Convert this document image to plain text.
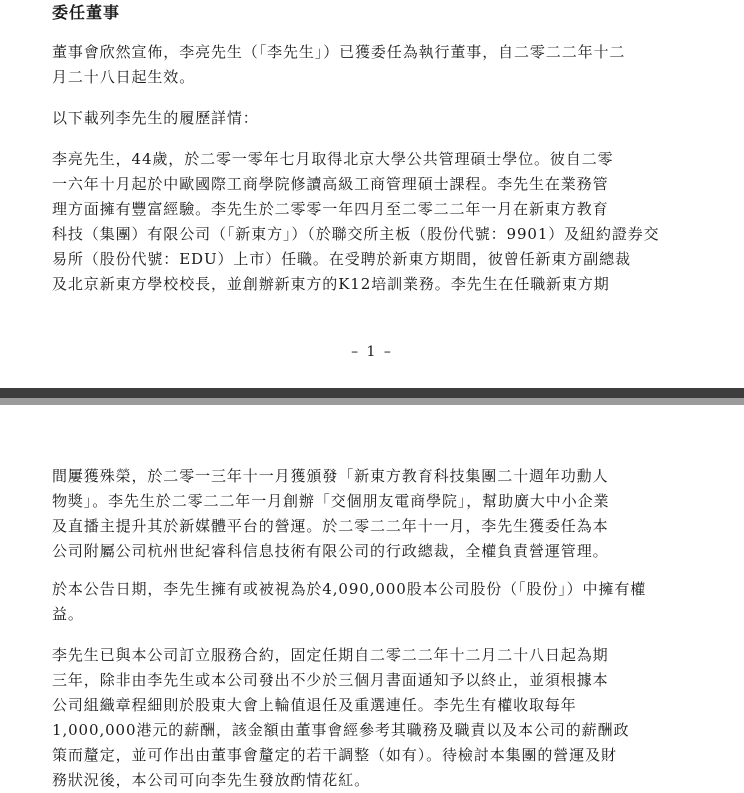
委任董事

董事會欣然宣佈，李亮先生（「李先生」）已獲委任為執行董事，自二零二二年十二
月二十八日起生效。

以下載列李先生的履歷詳情：

李亮先生，44歲，於二零一零年七月取得北京大學公共管理碩士學位。彼自二零
一六年十月起於中歐國際工商學院修讀高級工商管理碩士課程。李先生在業務管
理方面擁有豐富經驗。李先生於二零零一年四月至二零二二年一月在新東方教育
科技（集團）有限公司（「新東方」）（於聯交所主板（股份代號：9901）及紐約證券交
易所（股份代號：EDU）上市）任職。在受聘於新東方期間，彼曾任新東方副總裁
及北京新東方學校校長，並創辦新東方的K12培訓業務。李先生在任職新東方期

– 1 –

間屢獲殊榮，於二零一三年十一月獲頒發「新東方教育科技集團二十週年功勳人
物獎」。李先生於二零二二年一月創辦「交個朋友電商學院」，幫助廣大中小企業
及直播主提升其於新媒體平台的營運。於二零二二年十一月，李先生獲委任為本
公司附屬公司杭州世紀睿科信息技術有限公司的行政總裁，全權負責營運管理。

於本公告日期，李先生擁有或被視為於4,090,000股本公司股份（「股份」）中擁有權
益。

李先生已與本公司訂立服務合約，固定任期自二零二二年十二月二十八日起為期
三年，除非由李先生或本公司發出不少於三個月書面通知予以終止，並須根據本
公司組織章程細則於股東大會上輪值退任及重選連任。李先生有權收取每年
1,000,000港元的薪酬，該金額由董事會經參考其職務及職責以及本公司的薪酬政
策而釐定，並可作出由董事會釐定的若干調整（如有）。待檢討本集團的營運及財
務狀況後，本公司可向李先生發放酌情花紅。
